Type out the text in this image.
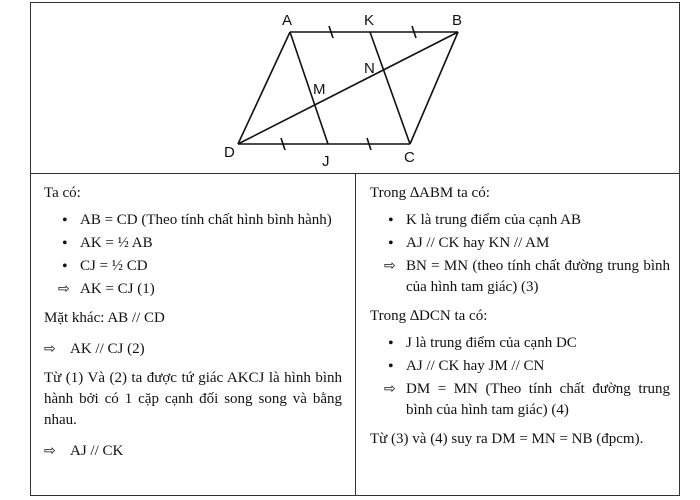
A	K	B
D
J	C
M
N

Ta có:

• AB = CD (Theo tính chất hình bình hành)
• AK = ½ AB
• CJ = ½ CD
⇨ AK = CJ (1)

Mặt khác: AB // CD

⇨ AK // CJ (2)

Từ (1) Và (2) ta được tứ giác AKCJ là hình bình hành bởi có 1 cặp cạnh đối song song và bằng nhau.

⇨ AJ // CK

Trong ∆ABM ta có:

• K là trung điểm của cạnh AB
• AJ // CK hay KN // AM
⇨ BN = MN (theo tính chất đường trung bình của hình tam giác) (3)

Trong ∆DCN ta có:

• J là trung điểm của cạnh DC
• AJ // CK hay JM // CN
⇨ DM = MN (Theo tính chất đường trung bình của hình tam giác) (4)

Từ (3) và (4) suy ra DM = MN = NB (đpcm).
